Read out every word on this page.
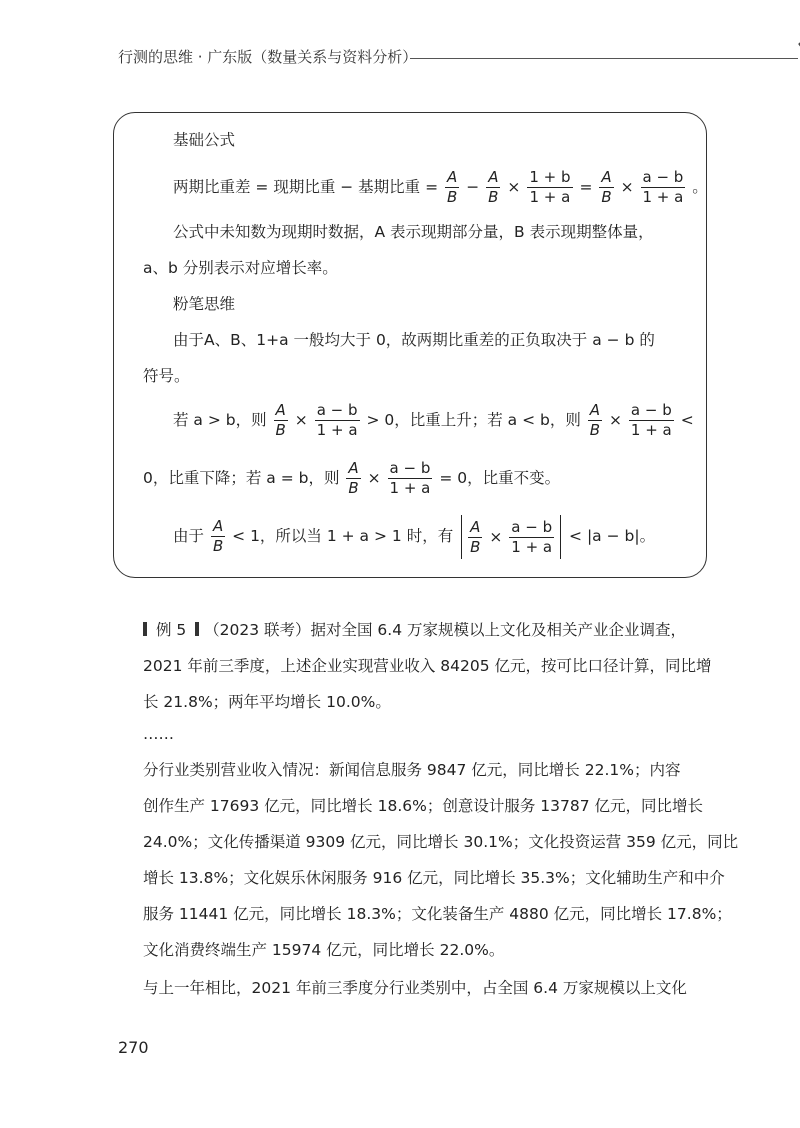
行测的思维 · 广东版（数量关系与资料分析）
基础公式
两期比重差 = 现期比重 − 基期比重 = $\frac{A}{B} - \frac{A}{B} \times \frac{1 + b}{1 + a} = \frac{A}{B} \times \frac{a - b}{1 + a}$ 。
公式中未知数为现期时数据，A 表示现期部分量，B 表示现期整体量，
a、b 分别表示对应增长率。
粉笔思维
由于A、B、1+a 一般均大于 0，故两期比重差的正负取决于 a − b 的
符号。
若 a > b，则 $\frac{A}{B} \times \frac{a - b}{1 + a} > 0$，比重上升；若 a < b，则 $\frac{A}{B} \times \frac{a - b}{1 + a}$ <
0，比重下降；若 a = b，则 $\frac{A}{B} \times \frac{a - b}{1 + a} = 0$，比重不变。
由于 $\frac{A}{B} < 1$，所以当 1 + a > 1 时，有 $\frac{A}{B} \times \frac{a - b}{1 + a} < |a - b|$。
例 5 （2023 联考）据对全国 6.4 万家规模以上文化及相关产业企业调查，
2021 年前三季度，上述企业实现营业收入 84205 亿元，按可比口径计算，同比增
长 21.8%；两年平均增长 10.0%。
……
分行业类别营业收入情况：新闻信息服务 9847 亿元，同比增长 22.1%；内容
创作生产 17693 亿元，同比增长 18.6%；创意设计服务 13787 亿元，同比增长
24.0%；文化传播渠道 9309 亿元，同比增长 30.1%；文化投资运营 359 亿元，同比
增长 13.8%；文化娱乐休闲服务 916 亿元，同比增长 35.3%；文化辅助生产和中介
服务 11441 亿元，同比增长 18.3%；文化装备生产 4880 亿元，同比增长 17.8%；
文化消费终端生产 15974 亿元，同比增长 22.0%。
与上一年相比，2021 年前三季度分行业类别中，占全国 6.4 万家规模以上文化
270
